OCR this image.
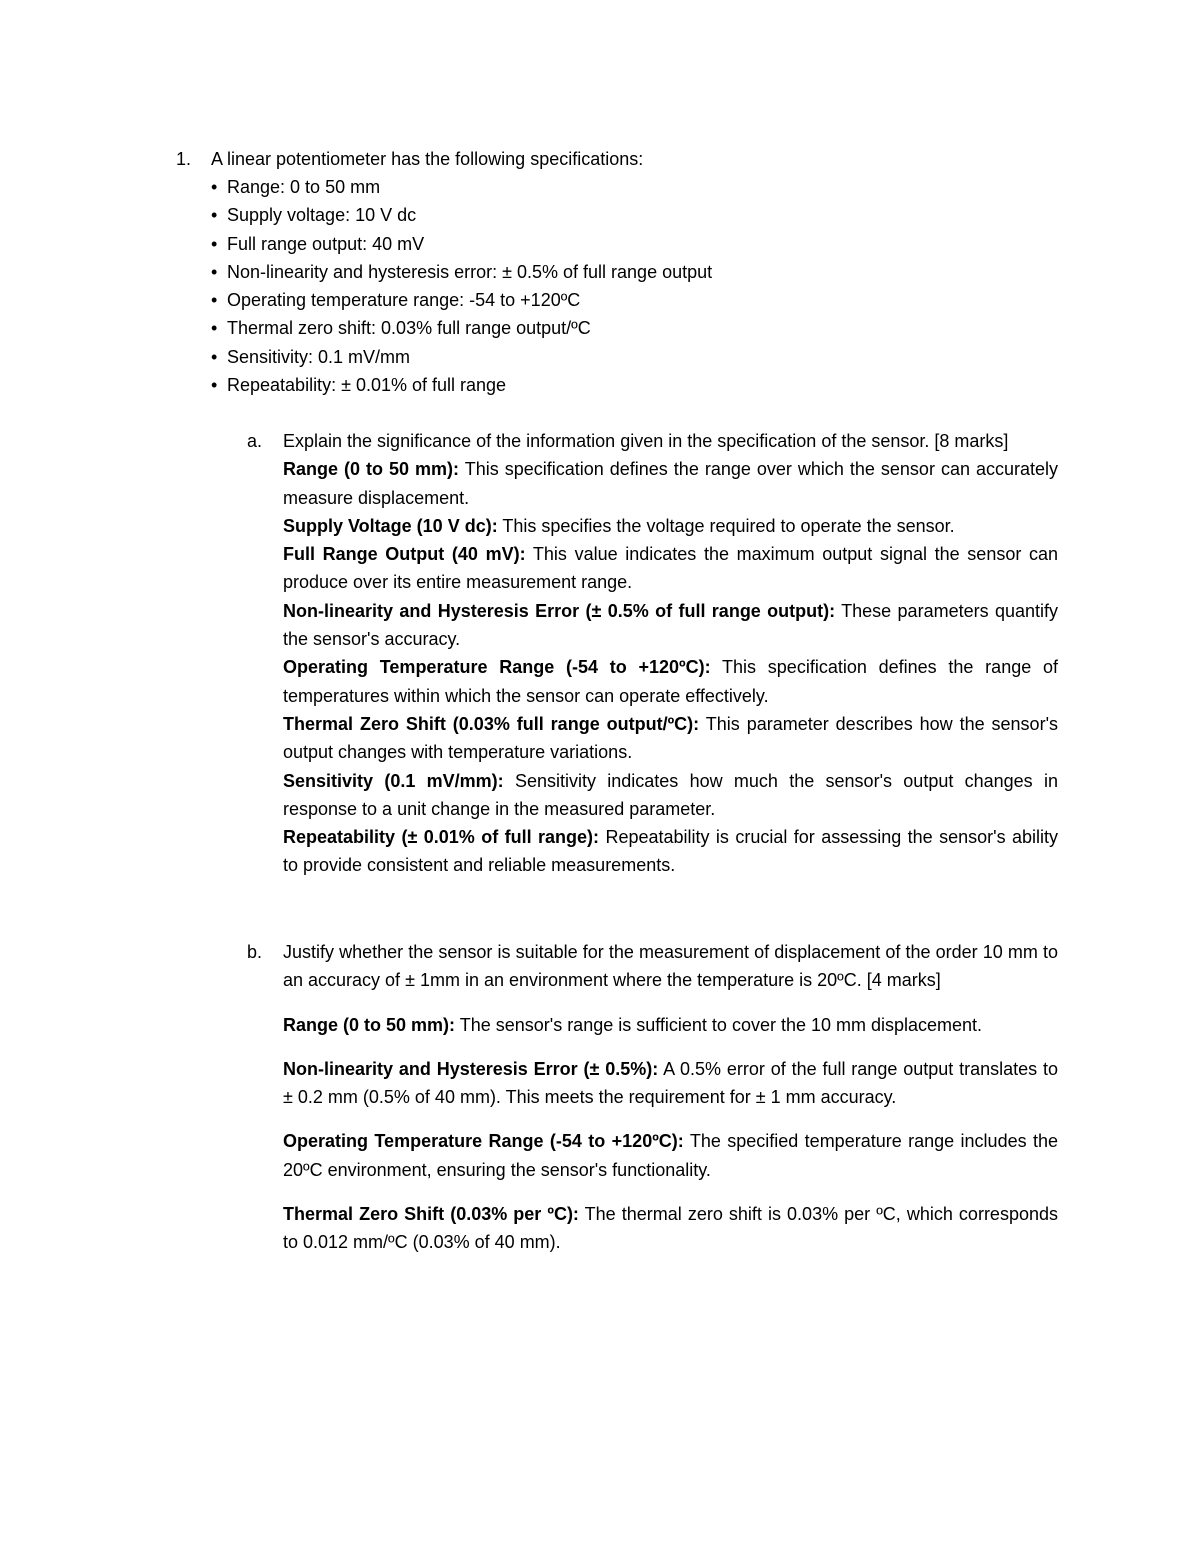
1. A linear potentiometer has the following specifications:
• Range: 0 to 50 mm
• Supply voltage: 10 V dc
• Full range output: 40 mV
• Non-linearity and hysteresis error: ± 0.5% of full range output
• Operating temperature range: -54 to +120ºC
• Thermal zero shift: 0.03% full range output/ºC
• Sensitivity: 0.1 mV/mm
• Repeatability: ± 0.01% of full range
a. Explain the significance of the information given in the specification of the sensor. [8 marks]

Range (0 to 50 mm): This specification defines the range over which the sensor can accurately measure displacement.

Supply Voltage (10 V dc): This specifies the voltage required to operate the sensor.

Full Range Output (40 mV): This value indicates the maximum output signal the sensor can produce over its entire measurement range.

Non-linearity and Hysteresis Error (± 0.5% of full range output): These parameters quantify the sensor's accuracy.

Operating Temperature Range (-54 to +120ºC): This specification defines the range of temperatures within which the sensor can operate effectively.

Thermal Zero Shift (0.03% full range output/ºC): This parameter describes how the sensor's output changes with temperature variations.

Sensitivity (0.1 mV/mm): Sensitivity indicates how much the sensor's output changes in response to a unit change in the measured parameter.

Repeatability (± 0.01% of full range): Repeatability is crucial for assessing the sensor's ability to provide consistent and reliable measurements.

b. Justify whether the sensor is suitable for the measurement of displacement of the order 10 mm to an accuracy of ± 1mm in an environment where the temperature is 20ºC. [4 marks]

Range (0 to 50 mm): The sensor's range is sufficient to cover the 10 mm displacement.

Non-linearity and Hysteresis Error (± 0.5%): A 0.5% error of the full range output translates to ± 0.2 mm (0.5% of 40 mm). This meets the requirement for ± 1 mm accuracy.

Operating Temperature Range (-54 to +120ºC): The specified temperature range includes the 20ºC environment, ensuring the sensor's functionality.

Thermal Zero Shift (0.03% per ºC): The thermal zero shift is 0.03% per ºC, which corresponds to 0.012 mm/ºC (0.03% of 40 mm).
